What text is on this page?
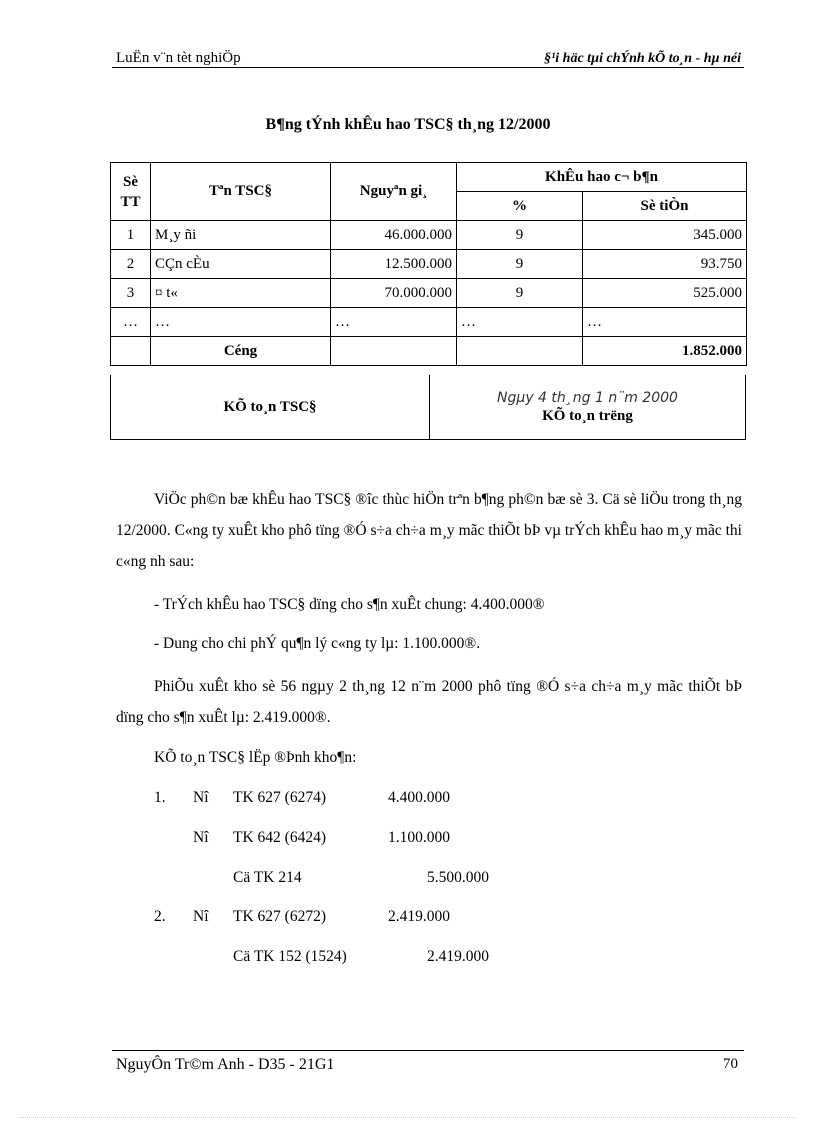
LuËn v¨n tèt nghiÖp	§¹i häc tµi chÝnh kÕ to¸n - hµ néi
B¶ng tÝnh khÊu hao TSC§ th¸ng 12/2000
Sè TT	Tªn TSC§	Nguyªn gi¸	KhÊu hao c¬ b¶n	
			%	Sè tiÒn
1	M¸y ñi	46.000.000	9	345.000
2	CÇn cÈu	12.500.000	9	93.750
3	¤ t«	70.000.000	9	525.000
…	…	…	…	…
	Céng			1.852.000
KÕ to¸n TSC§
Ngµy 4 th¸ng 1 n¨m 2000
KÕ to¸n trëng
ViÖc ph©n bæ khÊu hao TSC§ ®îc thùc hiÖn trªn b¶ng ph©n bæ sè 3. Cä sè liÖu trong th¸ng 12/2000. C«ng ty xuÊt kho phô tïng ®Ó s÷a ch÷a m¸y mãc thiÕt bÞ vµ trÝch khÊu hao m¸y mãc thi c«ng nh sau:
- TrÝch khÊu hao TSC§ dïng cho s¶n xuÊt chung: 4.400.000®
- Dung cho chi phÝ qu¶n lý c«ng ty lµ: 1.100.000®.
PhiÕu xuÊt kho sè 56 ngµy 2 th¸ng 12 n¨m 2000 phô tïng ®Ó s÷a ch÷a m¸y mãc thiÕt bÞ dïng cho s¶n xuÊt lµ: 2.419.000®.
KÕ to¸n TSC§ lËp ®Þnh kho¶n:
1. Nî TK 627 (6274)	4.400.000
Nî TK 642 (6424)	1.100.000
Cä TK 214	5.500.000
2. Nî TK 627 (6272)	2.419.000
Cä TK 152 (1524)	2.419.000
NguyÔn Tr©m Anh - D35 - 21G1	70
